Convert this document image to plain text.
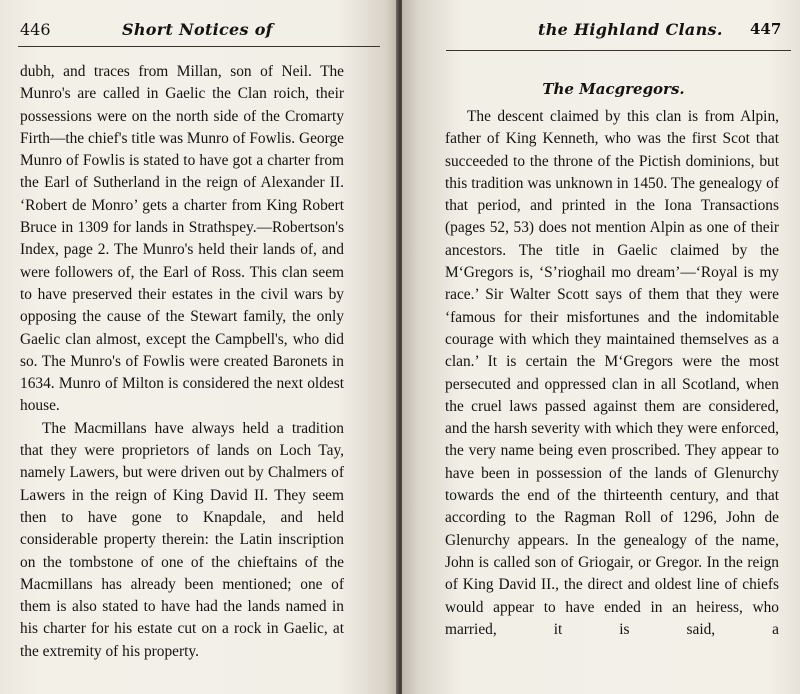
446	Short Notices of

dubh, and traces from Millan, son of Neil. The Munro's are called in Gaelic the Clan roich, their possessions were on the north side of the Cromarty Firth—the chief's title was Munro of Fowlis. George Munro of Fowlis is stated to have got a charter from the Earl of Sutherland in the reign of Alexander II. ‘Robert de Monro’ gets a charter from King Robert Bruce in 1309 for lands in Strathspey.—Robertson's Index, page 2. The Munro's held their lands of, and were followers of, the Earl of Ross. This clan seem to have preserved their estates in the civil wars by opposing the cause of the Stewart family, the only Gaelic clan almost, except the Campbell's, who did so. The Munro's of Fowlis were created Baronets in 1634. Munro of Milton is considered the next oldest house.

The Macmillans have always held a tradition that they were proprietors of lands on Loch Tay, namely Lawers, but were driven out by Chalmers of Lawers in the reign of King David II. They seem then to have gone to Knapdale, and held considerable property therein: the Latin inscription on the tombstone of one of the chieftains of the Macmillans has already been mentioned; one of them is also stated to have had the lands named in his charter for his estate cut on a rock in Gaelic, at the extremity of his property.

the Highland Clans. 447
The Macgregors.

The descent claimed by this clan is from Alpin, father of King Kenneth, who was the first Scot that succeeded to the throne of the Pictish dominions, but this tradition was unknown in 1450. The genealogy of that period, and printed in the Iona Transactions (pages 52, 53) does not mention Alpin as one of their ancestors. The title in Gaelic claimed by the M‘Gregors is, ‘S’rioghail mo dream’—‘Royal is my race.’ Sir Walter Scott says of them that they were ‘famous for their misfortunes and the indomitable courage with which they maintained themselves as a clan.’ It is certain the M‘Gregors were the most persecuted and oppressed clan in all Scotland, when the cruel laws passed against them are considered, and the harsh severity with which they were enforced, the very name being even proscribed. They appear to have been in possession of the lands of Glenurchy towards the end of the thirteenth century, and that according to the Ragman Roll of 1296, John de Glenurchy appears. In the genealogy of the name, John is called son of Griogair, or Gregor. In the reign of King David II., the direct and oldest line of chiefs would appear to have ended in an heiress, who married, it is said, a
